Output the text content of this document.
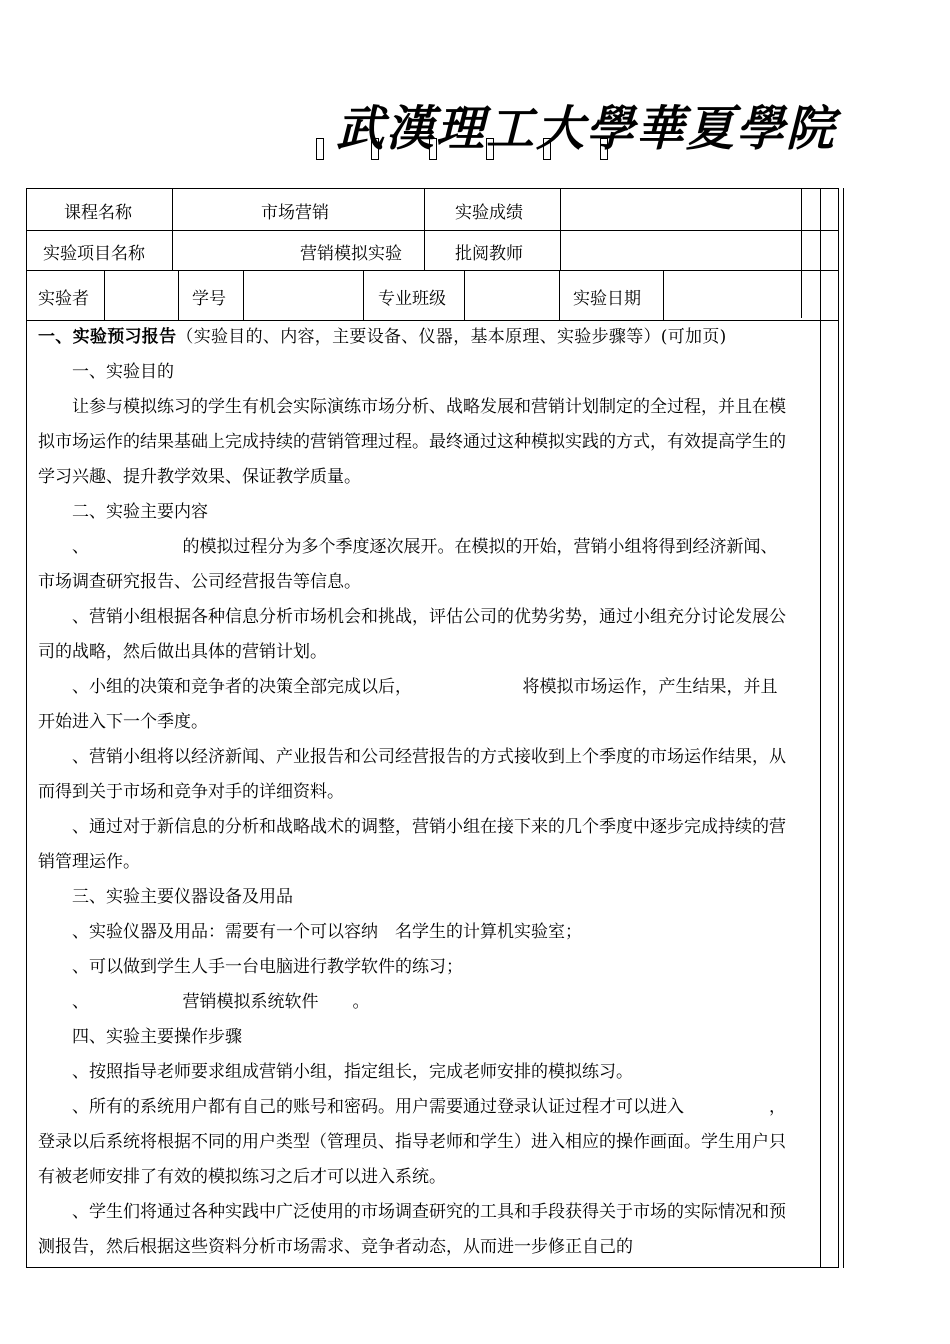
武漢理工大學華夏學院
课程名称	市场营销	实验成绩
实验项目名称	营销模拟实验	批阅教师
实验者	学号	专业班级	实验日期

一、实验预习报告（实验目的、内容，主要设备、仪器，基本原理、实验步骤等）(可加页)

一、实验目的

让参与模拟练习的学生有机会实际演练市场分析、战略发展和营销计划制定的全过程，并且在模拟市场运作的结果基础上完成持续的营销管理过程。最终通过这种模拟实践的方式，有效提高学生的学习兴趣、提升教学效果、保证教学质量。

二、实验主要内容

、　　　　　　的模拟过程分为多个季度逐次展开。在模拟的开始，营销小组将得到经济新闻、市场调查研究报告、公司经营报告等信息。

、营销小组根据各种信息分析市场机会和挑战，评估公司的优势劣势，通过小组充分讨论发展公司的战略，然后做出具体的营销计划。

、小组的决策和竞争者的决策全部完成以后，　　　　　　　将模拟市场运作，产生结果，并且开始进入下一个季度。

、营销小组将以经济新闻、产业报告和公司经营报告的方式接收到上个季度的市场运作结果，从而得到关于市场和竞争对手的详细资料。

、通过对于新信息的分析和战略战术的调整，营销小组在接下来的几个季度中逐步完成持续的营销管理运作。

三、实验主要仪器设备及用品

、实验仪器及用品：需要有一个可以容纳　名学生的计算机实验室；

、可以做到学生人手一台电脑进行教学软件的练习；

、　　　　　　营销模拟系统软件　　。

四、实验主要操作步骤

、按照指导老师要求组成营销小组，指定组长，完成老师安排的模拟练习。

、所有的系统用户都有自己的账号和密码。用户需要通过登录认证过程才可以进入　　　　　，登录以后系统将根据不同的用户类型（管理员、指导老师和学生）进入相应的操作画面。学生用户只有被老师安排了有效的模拟练习之后才可以进入系统。

、学生们将通过各种实践中广泛使用的市场调查研究的工具和手段获得关于市场的实际情况和预测报告，然后根据这些资料分析市场需求、竞争者动态，从而进一步修正自己的
